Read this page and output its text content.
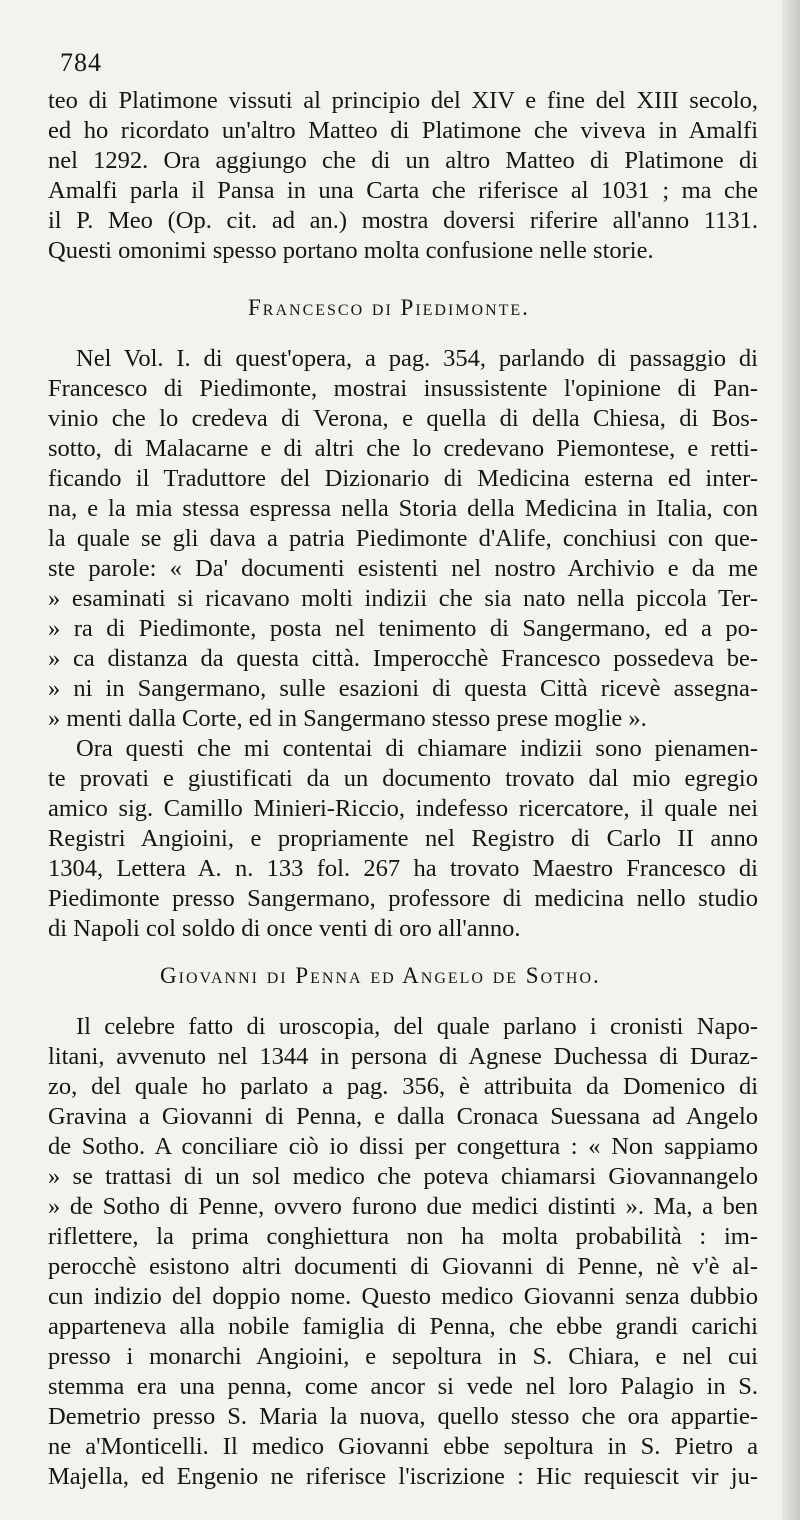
784
teo di Platimone vissuti al principio del XIV e fine del XIII secolo,
ed ho ricordato un'altro Matteo di Platimone che viveva in Amalfi
nel 1292. Ora aggiungo che di un altro Matteo di Platimone di
Amalfi parla il Pansa in una Carta che riferisce al 1031 ; ma che
il P. Meo (Op. cit. ad an.) mostra doversi riferire all'anno 1131.
Questi omonimi spesso portano molta confusione nelle storie.
Francesco di Piedimonte.
Nel Vol. I. di quest'opera, a pag. 354, parlando di passaggio di
Francesco di Piedimonte, mostrai insussistente l'opinione di Pan-
vinio che lo credeva di Verona, e quella di della Chiesa, di Bos-
sotto, di Malacarne e di altri che lo credevano Piemontese, e retti-
ficando il Traduttore del Dizionario di Medicina esterna ed inter-
na, e la mia stessa espressa nella Storia della Medicina in Italia, con
la quale se gli dava a patria Piedimonte d'Alife, conchiusi con que-
ste parole: « Da' documenti esistenti nel nostro Archivio e da me
» esaminati si ricavano molti indizii che sia nato nella piccola Ter-
» ra di Piedimonte, posta nel tenimento di Sangermano, ed a po-
» ca distanza da questa città. Imperocchè Francesco possedeva be-
» ni in Sangermano, sulle esazioni di questa Città ricevè assegna-
» menti dalla Corte, ed in Sangermano stesso prese moglie ».
Ora questi che mi contentai di chiamare indizii sono pienamen-
te provati e giustificati da un documento trovato dal mio egregio
amico sig. Camillo Minieri-Riccio, indefesso ricercatore, il quale nei
Registri Angioini, e propriamente nel Registro di Carlo II anno
1304, Lettera A. n. 133 fol. 267 ha trovato Maestro Francesco di
Piedimonte presso Sangermano, professore di medicina nello studio
di Napoli col soldo di once venti di oro all'anno.
Giovanni di Penna ed Angelo de Sotho.
Il celebre fatto di uroscopia, del quale parlano i cronisti Napo-
litani, avvenuto nel 1344 in persona di Agnese Duchessa di Duraz-
zo, del quale ho parlato a pag. 356, è attribuita da Domenico di
Gravina a Giovanni di Penna, e dalla Cronaca Suessana ad Angelo
de Sotho. A conciliare ciò io dissi per congettura : « Non sappiamo
» se trattasi di un sol medico che poteva chiamarsi Giovannangelo
» de Sotho di Penne, ovvero furono due medici distinti ». Ma, a ben
riflettere, la prima conghiettura non ha molta probabilità : im-
perocchè esistono altri documenti di Giovanni di Penne, nè v'è al-
cun indizio del doppio nome. Questo medico Giovanni senza dubbio
apparteneva alla nobile famiglia di Penna, che ebbe grandi carichi
presso i monarchi Angioini, e sepoltura in S. Chiara, e nel cui
stemma era una penna, come ancor si vede nel loro Palagio in S.
Demetrio presso S. Maria la nuova, quello stesso che ora appartie-
ne a'Monticelli. Il medico Giovanni ebbe sepoltura in S. Pietro a
Majella, ed Engenio ne riferisce l'iscrizione : Hic requiescit vir ju-
